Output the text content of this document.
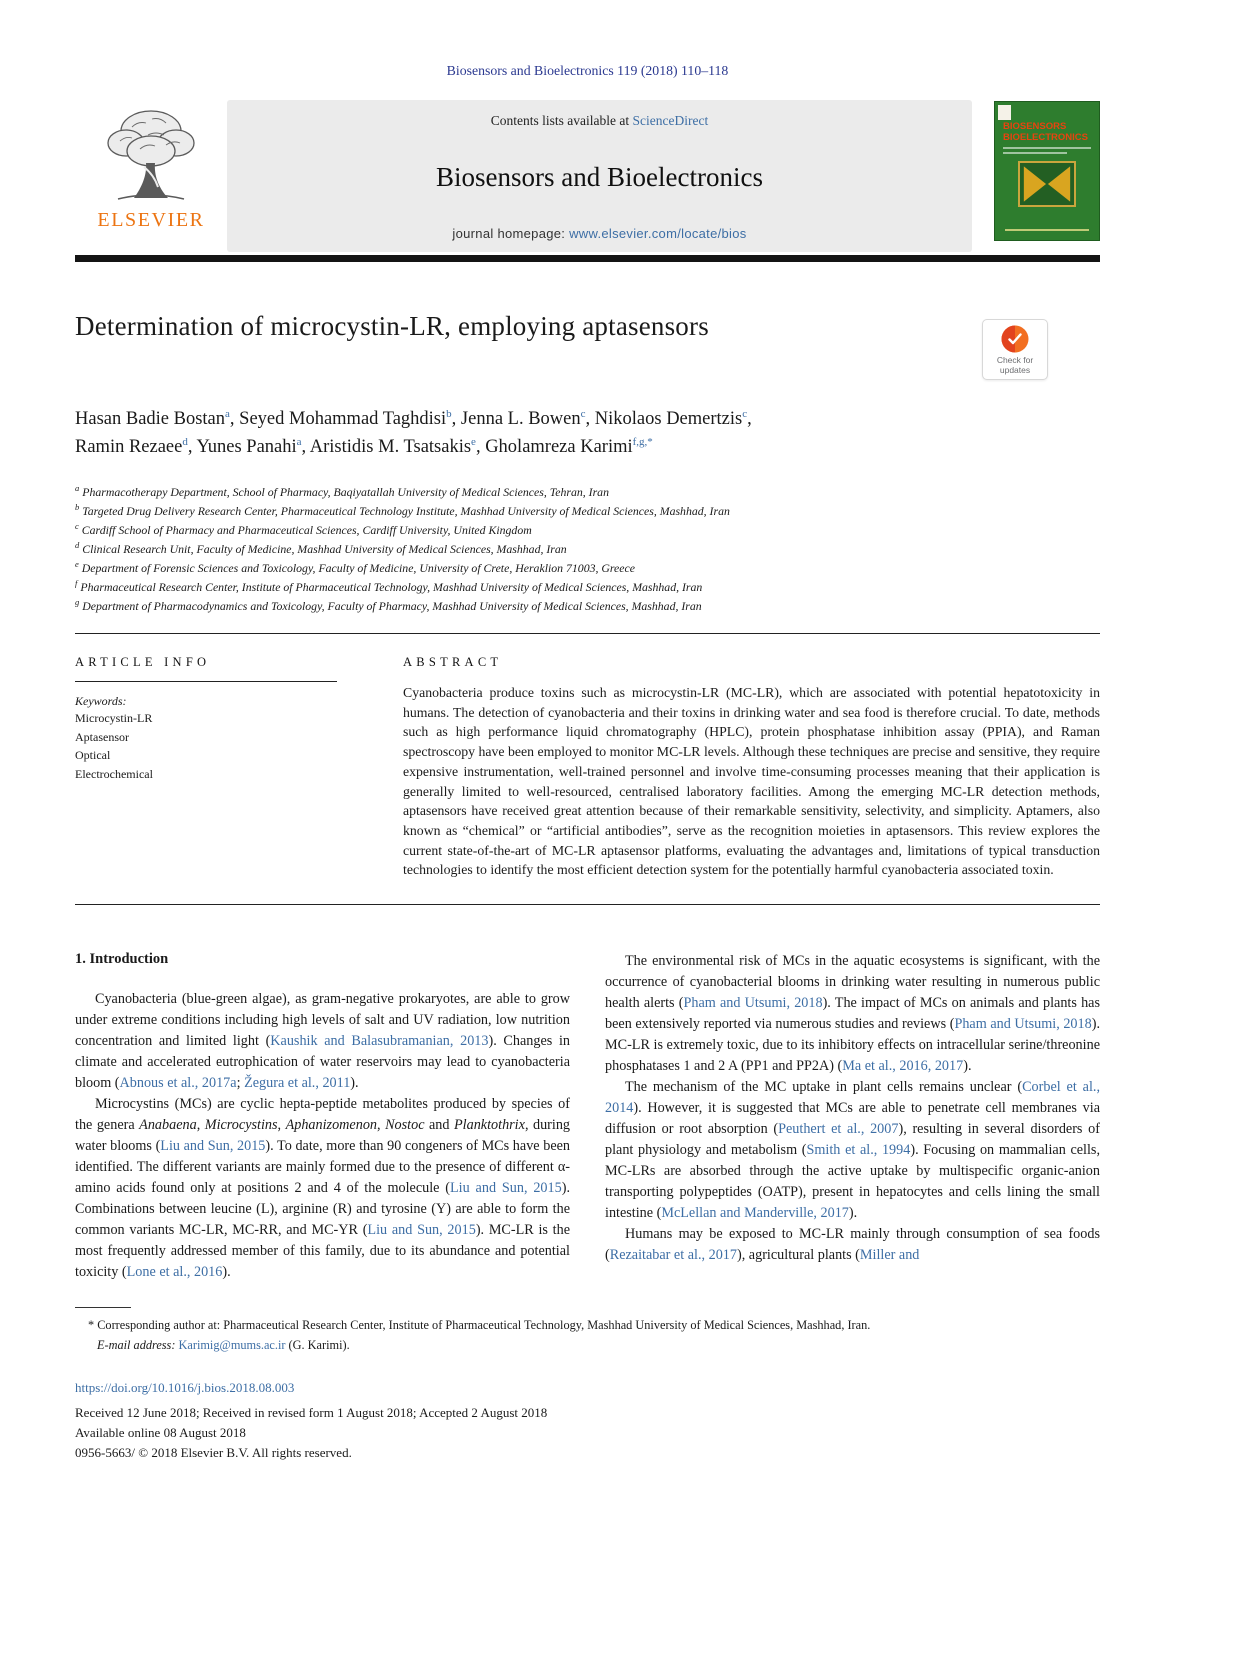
Biosensors and Bioelectronics 119 (2018) 110–118
ELSEVIER
Contents lists available at ScienceDirect
Biosensors and Bioelectronics
journal homepage: www.elsevier.com/locate/bios
BIOSENSORS
BIOELECTRONICS
Determination of microcystin-LR, employing aptasensors
Check for
updates
Hasan Badie Bostan$^a$, Seyed Mohammad Taghdisi$^b$, Jenna L. Bowen$^c$, Nikolaos Demertzis$^c$,
Ramin Rezaee$^d$, Yunes Panahi$^a$, Aristidis M. Tsatsakis$^e$, Gholamreza Karimi$^{f,g,*}$
$^a$ Pharmacotherapy Department, School of Pharmacy, Baqiyatallah University of Medical Sciences, Tehran, Iran
$^b$ Targeted Drug Delivery Research Center, Pharmaceutical Technology Institute, Mashhad University of Medical Sciences, Mashhad, Iran
$^c$ Cardiff School of Pharmacy and Pharmaceutical Sciences, Cardiff University, United Kingdom
$^d$ Clinical Research Unit, Faculty of Medicine, Mashhad University of Medical Sciences, Mashhad, Iran
$^e$ Department of Forensic Sciences and Toxicology, Faculty of Medicine, University of Crete, Heraklion 71003, Greece
$^f$ Pharmaceutical Research Center, Institute of Pharmaceutical Technology, Mashhad University of Medical Sciences, Mashhad, Iran
$^g$ Department of Pharmacodynamics and Toxicology, Faculty of Pharmacy, Mashhad University of Medical Sciences, Mashhad, Iran
ARTICLE INFO
Keywords:
Microcystin-LR
Aptasensor
Optical
Electrochemical
ABSTRACT

Cyanobacteria produce toxins such as microcystin-LR (MC-LR), which are associated with potential hepatotoxicity in humans. The detection of cyanobacteria and their toxins in drinking water and sea food is therefore crucial. To date, methods such as high performance liquid chromatography (HPLC), protein phosphatase inhibition assay (PPIA), and Raman spectroscopy have been employed to monitor MC-LR levels. Although these techniques are precise and sensitive, they require expensive instrumentation, well-trained personnel and involve time-consuming processes meaning that their application is generally limited to well-resourced, centralised laboratory facilities. Among the emerging MC-LR detection methods, aptasensors have received great attention because of their remarkable sensitivity, selectivity, and simplicity. Aptamers, also known as “chemical” or “artificial antibodies”, serve as the recognition moieties in aptasensors. This review explores the current state-of-the-art of MC-LR aptasensor platforms, evaluating the advantages and, limitations of typical transduction technologies to identify the most efficient detection system for the potentially harmful cyanobacteria associated toxin.

1. Introduction

Cyanobacteria (blue-green algae), as gram-negative prokaryotes, are able to grow under extreme conditions including high levels of salt and UV radiation, low nutrition concentration and limited light (Kaushik and Balasubramanian, 2013). Changes in climate and accelerated eutrophication of water reservoirs may lead to cyanobacteria bloom (Abnous et al., 2017a; Žegura et al., 2011).

Microcystins (MCs) are cyclic hepta-peptide metabolites produced by species of the genera Anabaena, Microcystins, Aphanizomenon, Nostoc and Planktothrix, during water blooms (Liu and Sun, 2015). To date, more than 90 congeners of MCs have been identified. The different variants are mainly formed due to the presence of different α-amino acids found only at positions 2 and 4 of the molecule (Liu and Sun, 2015). Combinations between leucine (L), arginine (R) and tyrosine (Y) are able to form the common variants MC-LR, MC-RR, and MC-YR (Liu and Sun, 2015). MC-LR is the most frequently addressed member of this family, due to its abundance and potential toxicity (Lone et al., 2016).

The environmental risk of MCs in the aquatic ecosystems is significant, with the occurrence of cyanobacterial blooms in drinking water resulting in numerous public health alerts (Pham and Utsumi, 2018). The impact of MCs on animals and plants has been extensively reported via numerous studies and reviews (Pham and Utsumi, 2018). MC-LR is extremely toxic, due to its inhibitory effects on intracellular serine/threonine phosphatases 1 and 2 A (PP1 and PP2A) (Ma et al., 2016, 2017).

The mechanism of the MC uptake in plant cells remains unclear (Corbel et al., 2014). However, it is suggested that MCs are able to penetrate cell membranes via diffusion or root absorption (Peuthert et al., 2007), resulting in several disorders of plant physiology and metabolism (Smith et al., 1994). Focusing on mammalian cells, MC-LRs are absorbed through the active uptake by multispecific organic-anion transporting polypeptides (OATP), present in hepatocytes and cells lining the small intestine (McLellan and Manderville, 2017).

Humans may be exposed to MC-LR mainly through consumption of sea foods (Rezaitabar et al., 2017), agricultural plants (Miller and

* Corresponding author at: Pharmaceutical Research Center, Institute of Pharmaceutical Technology, Mashhad University of Medical Sciences, Mashhad, Iran.
E-mail address: Karimig@mums.ac.ir (G. Karimi).
https://doi.org/10.1016/j.bios.2018.08.003
Received 12 June 2018; Received in revised form 1 August 2018; Accepted 2 August 2018
Available online 08 August 2018
0956-5663/ © 2018 Elsevier B.V. All rights reserved.
